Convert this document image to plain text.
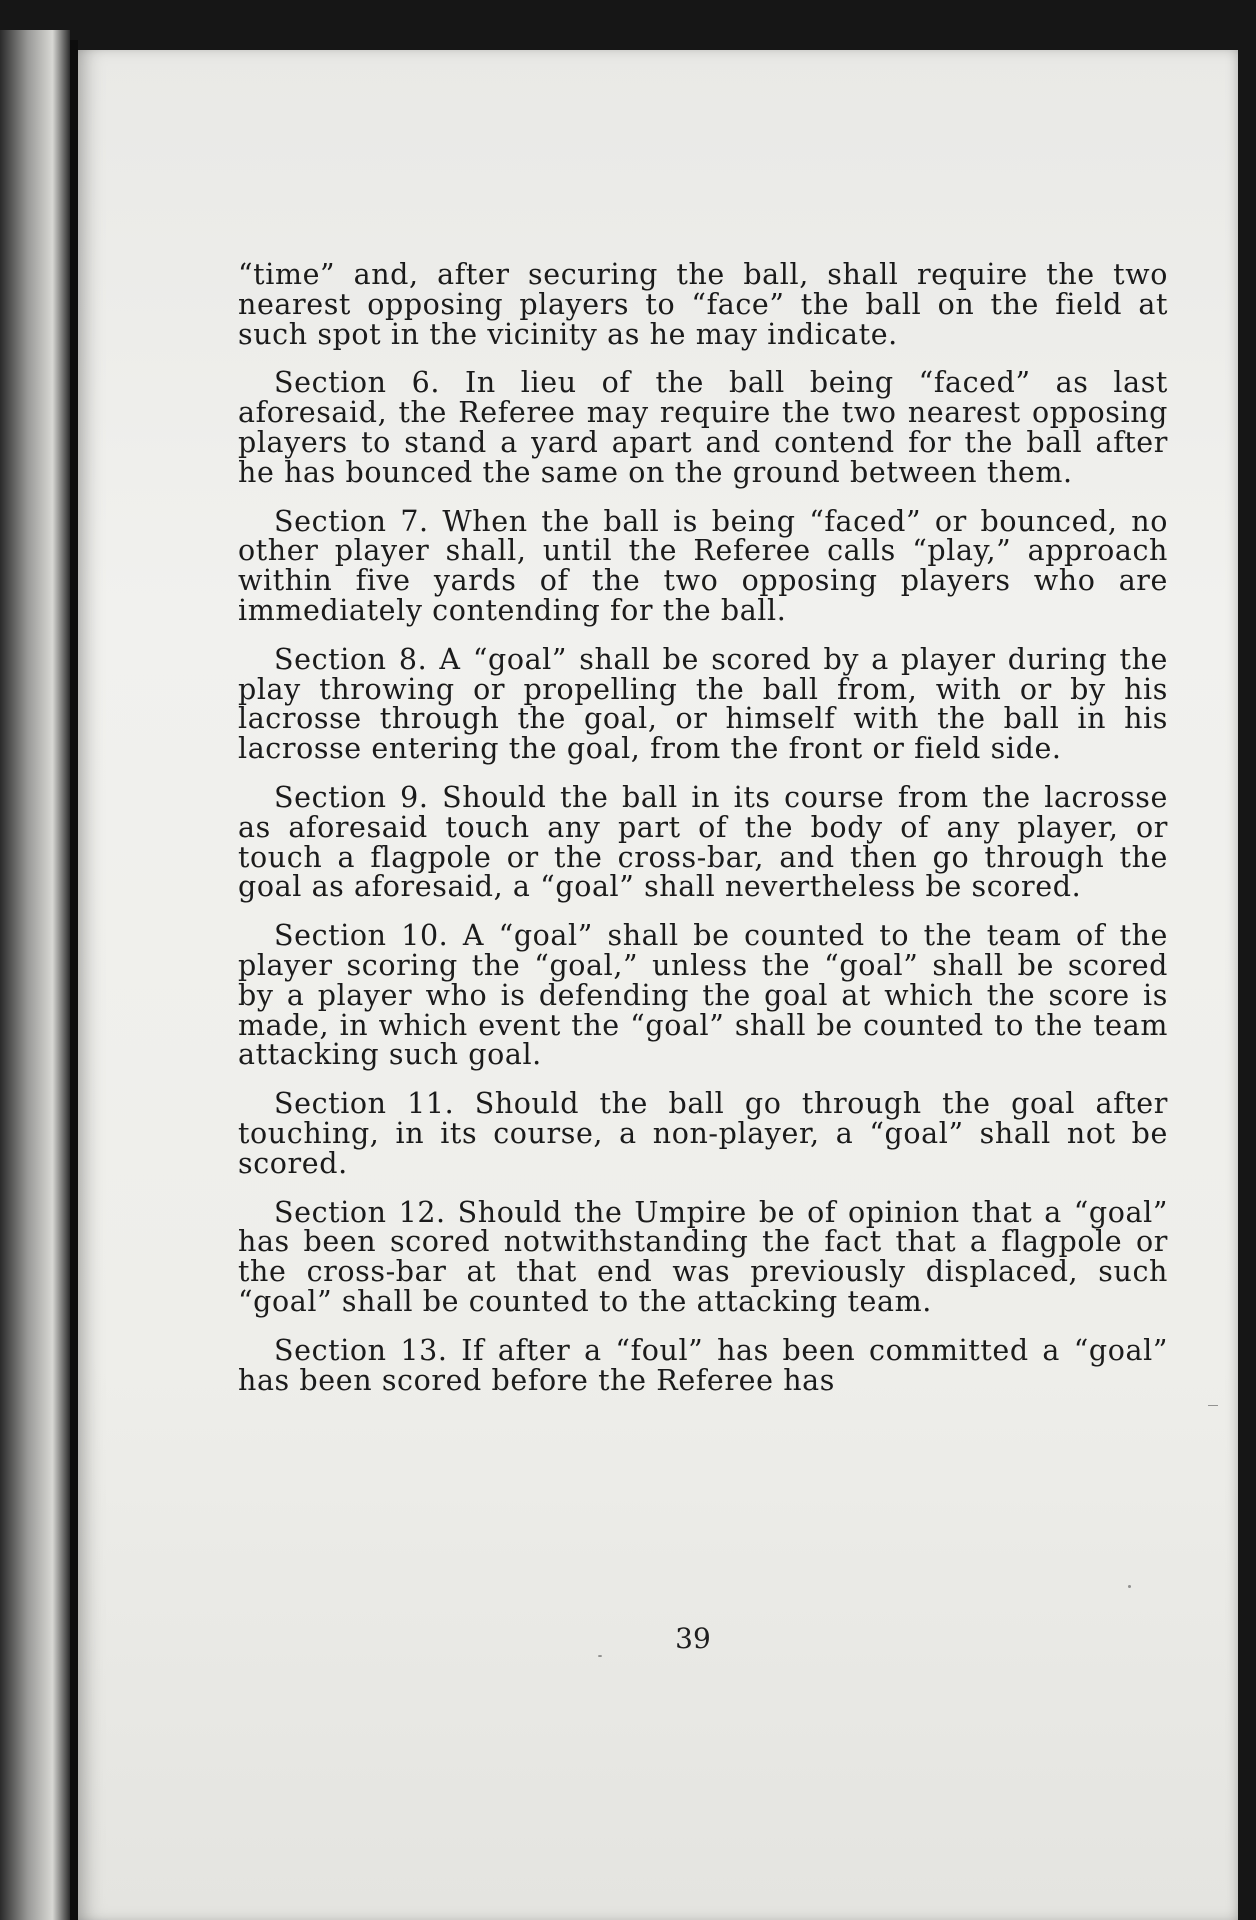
“time” and, after securing the ball, shall require the two nearest opposing players to “face” the ball on the field at such spot in the vicinity as he may indicate.

Section 6. In lieu of the ball being “faced” as last aforesaid, the Referee may require the two nearest opposing players to stand a yard apart and contend for the ball after he has bounced the same on the ground between them.

Section 7. When the ball is being “faced” or bounced, no other player shall, until the Referee calls “play,” approach within five yards of the two opposing players who are immediately contending for the ball.

Section 8. A “goal” shall be scored by a player during the play throwing or propelling the ball from, with or by his lacrosse through the goal, or himself with the ball in his lacrosse entering the goal, from the front or field side.

Section 9. Should the ball in its course from the lacrosse as aforesaid touch any part of the body of any player, or touch a flagpole or the cross-bar, and then go through the goal as aforesaid, a “goal” shall nevertheless be scored.

Section 10. A “goal” shall be counted to the team of the player scoring the “goal,” unless the “goal” shall be scored by a player who is defending the goal at which the score is made, in which event the “goal” shall be counted to the team attacking such goal.

Section 11. Should the ball go through the goal after touching, in its course, a non-player, a “goal” shall not be scored.

Section 12. Should the Umpire be of opinion that a “goal” has been scored notwithstanding the fact that a flagpole or the cross-bar at that end was previously displaced, such “goal” shall be counted to the attacking team.

Section 13. If after a “foul” has been committed a “goal” has been scored before the Referee has

39
